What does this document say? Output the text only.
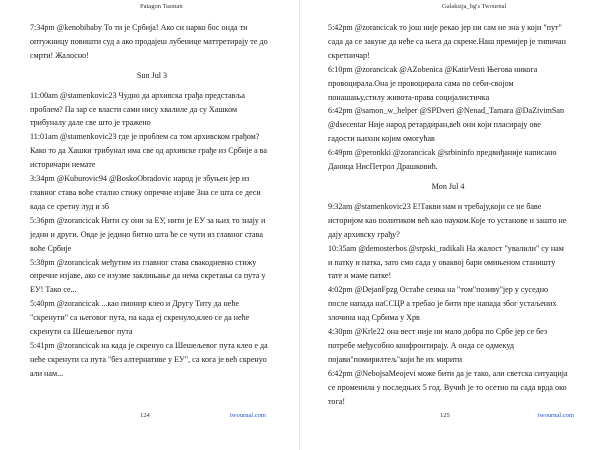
Patagon Tasman

7:34pm @kenobibaby То ти је Србија! Ако си нарко бос онда ти оптужницу повишти суд а ако продајеш лубенице маттретирају те до смрти! Жалосно!

Sun Jul 3

11:00am @stamenkovic23 Чудно да архивска грађа представља проблем? Па зар се власти сами нису хвалиле да су Хашком трибуналу дале све што је тражено

11:01am @stamenkovic23 где је проблем са том архивском грађом? Како то да Хашки трибунал има све од архивске грађе из Србије а ва историчари немате

3:34pm @Kuburovic94 @BoskoObradovic народ је збуњен јер из главног става воће стално стижу опречне изјаве Зна се шта се деси када се сретну луд и зб

5:36pm @zorancicak Нити су они за ЕУ, нити је ЕУ за њих то знају и једни и други. Овде је једино битно шта ће се чути из главног става воће Србије

5:38pm @zorancicak међутим из главног става свакодневно стижу опречне изјаве, ако се изузме заклињање да нема скретања са пута у ЕУ! Тако се...

5:40pm @zorancicak ...као пионир клео и Другу Титу да неће "скренути" са његовог пута, па када ej скренуло,клео се да неће скренути са Шешељевог пута

5:41pm @zorancicak на када је скренуо са Шешељевог пута клео е да неће скренути са пута "без алтернативе у ЕУ", са кога је већ скренуо али нам...

124	twournal.com
Galaksija_bg's Twournal

5:42pm @zorancicak то још није рекао јер ни сам не зна у који "пут" сада да се закуне да неће са њега да скрене.Наш премијер је типичан скретничар!

6:10pm @zorancicak @AZobenica @KatirVesti Његова никога провоцирала.Она је провоцирала сама по себи-својом понашању,стилу живота-права социјалистичка

6:42pm @samon_w_helper @SPDveri @Nenad_Tamara @DaZivimSan @dsecentar Није народ ретардиран,већ они који пласирају ове гадости њихни којим омогућав

6:49pm @peronkki @zorancicak @srbininfo предвиђаније написано Даница НисПетрол Драшковић.

Mon Jul 4

9:32am @stamenkovic23 Е!Такви нам и требају,који се не баве историјом као политиком већ као науком.Које то установе и зашто не дају архивску грађу?

10:35am @demosterbos @srpski_radikali На жалост "увалили" су нам и патку и патка, зато смо сада у оваквој бари омињеном станишту тате и маме патке!

4:02pm @DejanFpzg Остаће сенка на "том"позиву"јер у суседно после напада наССЦР а требао је бити пре напада због устаљених злочина над Србима у Хрв

4:30pm @Krle22 она вест није ни мало добра по Србе јер се без потребе међусобно конфронтирају. А онда се одмекуд појави"помирилтељ"који ће их мирити

6:42pm @NebojsaMeojevi може бити да је тако, али светска ситуација се променила у последњих 5 год. Вучић је то осетио па сада врда око тога!

125	twournal.com
